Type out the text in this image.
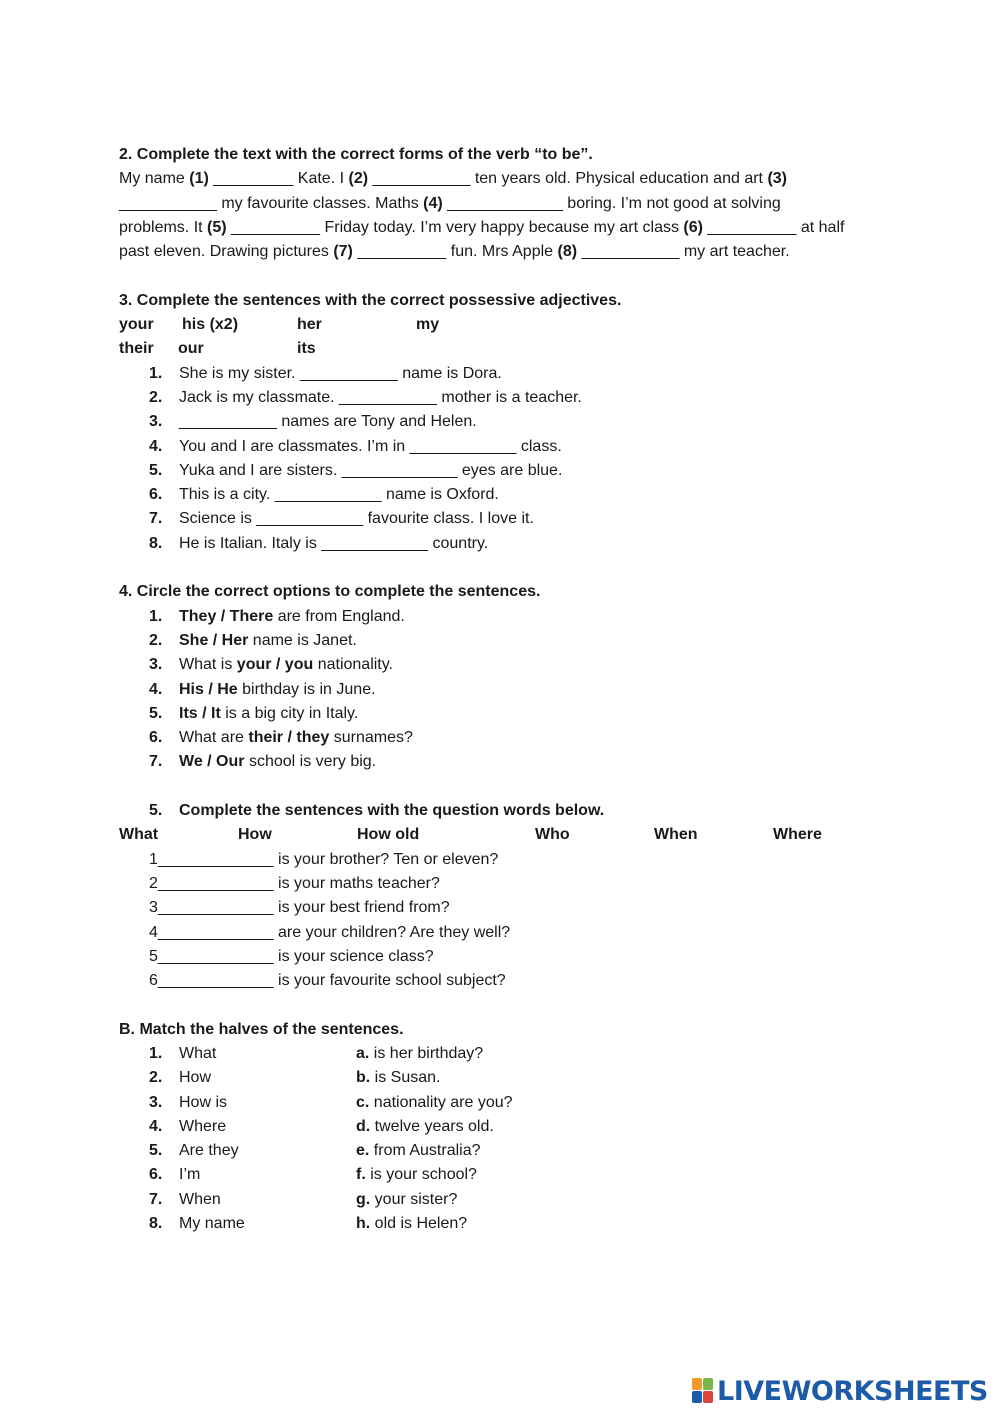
2. Complete the text with the correct forms of the verb “to be”.
My name (1) _________ Kate. I (2) ___________ ten years old. Physical education and art (3)
___________ my favourite classes. Maths (4) _____________ boring. I’m not good at solving
problems. It (5) __________ Friday today. I’m very happy because my art class (6) __________ at half
past eleven. Drawing pictures (7) __________ fun. Mrs Apple (8) ___________ my art teacher.
3. Complete the sentences with the correct possessive adjectives.
your his (x2)	her	my
their our	its
1. She is my sister. ___________ name is Dora.
2. Jack is my classmate. ___________ mother is a teacher.
3. ___________ names are Tony and Helen.
4. You and I are classmates. I’m in ____________ class.
5. Yuka and I are sisters. _____________ eyes are blue.
6. This is a city. ____________ name is Oxford.
7. Science is ____________ favourite class. I love it.
8. He is Italian. Italy is ____________ country.
4. Circle the correct options to complete the sentences.
1. They / There are from England.
2. She / Her name is Janet.
3. What is your / you nationality.
4. His / He birthday is in June.
5. Its / It is a big city in Italy.
6. What are their / they surnames?
7. We / Our school is very big.
5. Complete the sentences with the question words below.
What	How	How old	Who	When	Where
1_____________ is your brother? Ten or eleven?
2_____________ is your maths teacher?
3_____________ is your best friend from?
4_____________ are your children? Are they well?
5_____________ is your science class?
6_____________ is your favourite school subject?
B. Match the halves of the sentences.
1. What	a. is her birthday?
2. How	b. is Susan.
3. How is	c. nationality are you?
4. Where	d. twelve years old.
5. Are they	e. from Australia?
6. I’m	f. is your school?
7. When	g. your sister?
8. My name	h. old is Helen?
LIVEWORKSHEETS
